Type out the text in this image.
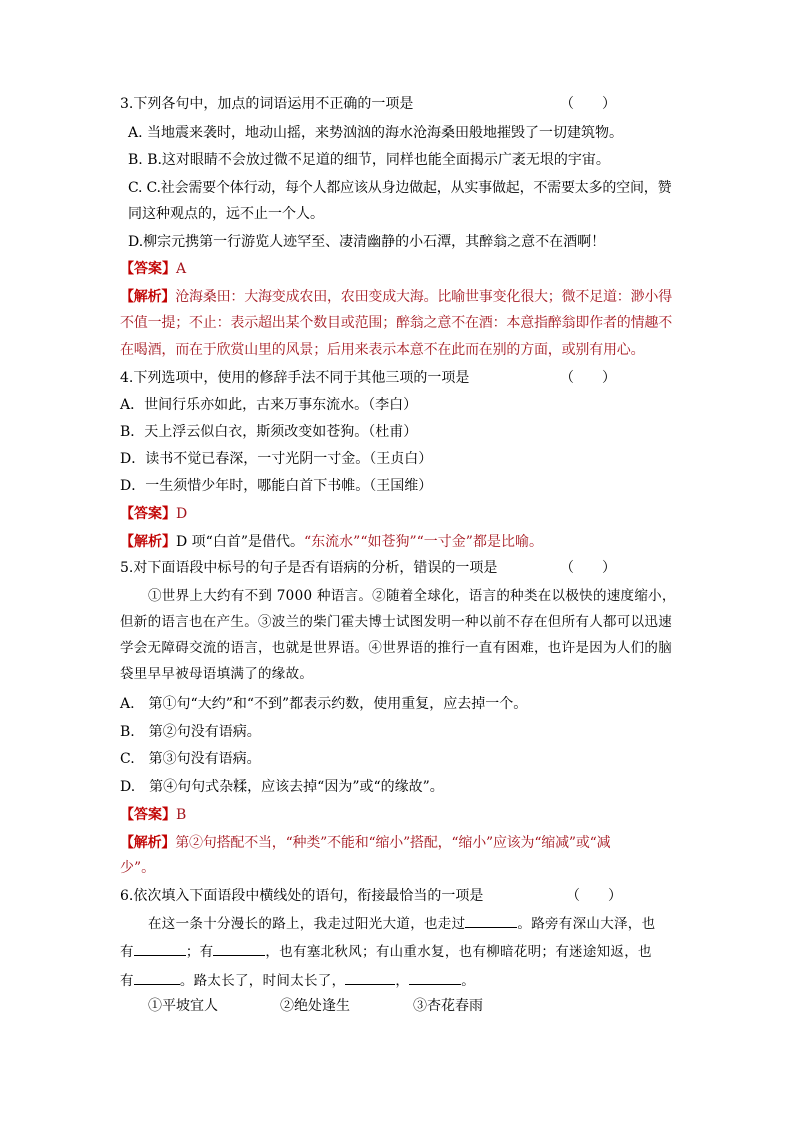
3.下列各句中，加点的词语运用不正确的一项是	（　　）
A. 当地震来袭时，地动山摇，来势汹汹的海水沧海桑田般地摧毁了一切建筑物。
B. B.这对眼睛不会放过微不足道的细节，同样也能全面揭示广袤无垠的宇宙。
C. C.社会需要个体行动，每个人都应该从身边做起，从实事做起，不需要太多的空间，赞
同这种观点的，远不止一个人。
D.柳宗元携第一行游览人迹罕至、凄清幽静的小石潭，其醉翁之意不在酒啊！
【答案】A
【解析】沧海桑田：大海变成农田，农田变成大海。比喻世事变化很大；微不足道：渺小得
不值一提；不止：表示超出某个数目或范围；醉翁之意不在酒：本意指醉翁即作者的情趣不
在喝酒，而在于欣赏山里的风景；后用来表示本意不在此而在别的方面，或别有用心。
4.下列选项中，使用的修辞手法不同于其他三项的一项是	（　　）
A．世间行乐亦如此，古来万事东流水。（李白）
B．天上浮云似白衣，斯须改变如苍狗。（杜甫）
D．读书不觉已春深，一寸光阴一寸金。（王贞白）
D．一生须惜少年时，哪能白首下书帷。（王国维）
【答案】D
【解析】D 项“白首”是借代。“东流水”“如苍狗”“一寸金”都是比喻。
5.对下面语段中标号的句子是否有语病的分析，错误的一项是	（　　）
①世界上大约有不到 7000 种语言。②随着全球化，语言的种类在以极快的速度缩小，
但新的语言也在产生。③波兰的柴门霍夫博士试图发明一种以前不存在但所有人都可以迅速
学会无障碍交流的语言，也就是世界语。④世界语的推行一直有困难，也许是因为人们的脑
袋里早早被母语填满了的缘故。
A.　第①句“大约”和“不到”都表示约数，使用重复，应去掉一个。
B.　第②句没有语病。
C.　第③句没有语病。
D.　第④句句式杂糅，应该去掉“因为”或“的缘故”。
【答案】B
【解析】第②句搭配不当，“种类”不能和“缩小”搭配，“缩小”应该为“缩减”或“减
少”。
6.依次填入下面语段中横线处的语句，衔接最恰当的一项是	（　　）
在这一条十分漫长的路上，我走过阳光大道，也走过	。路旁有深山大泽，也
有	；有	，也有塞北秋风；有山重水复，也有柳暗花明；有迷途知返，也
有	。路太长了，时间太长了，	，	。
①平坡宜人	②绝处逢生	③杏花春雨
